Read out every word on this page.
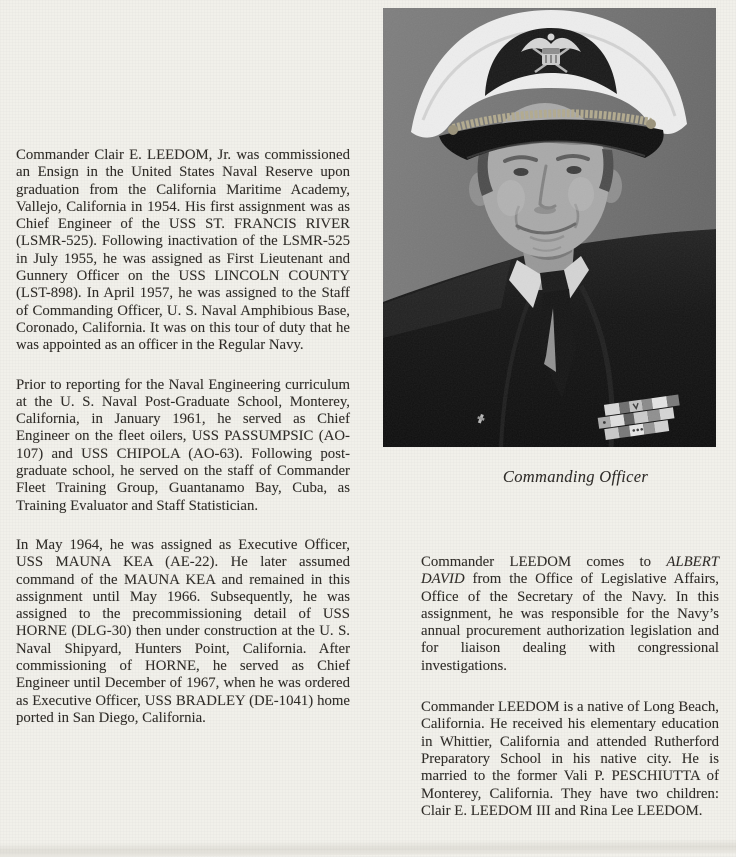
Commander Clair E. LEEDOM, Jr. was commissioned an Ensign in the United States Naval Reserve upon graduation from the California Maritime Academy, Vallejo, California in 1954. His first assignment was as Chief Engineer of the USS ST. FRANCIS RIVER (LSMR-525). Following inactivation of the LSMR-525 in July 1955, he was assigned as First Lieutenant and Gunnery Officer on the USS LINCOLN COUNTY (LST-898). In April 1957, he was assigned to the Staff of Commanding Officer, U. S. Naval Amphibious Base, Coronado, California. It was on this tour of duty that he was appointed as an officer in the Regular Navy.

Prior to reporting for the Naval Engineering curriculum at the U. S. Naval Post-Graduate School, Monterey, California, in January 1961, he served as Chief Engineer on the fleet oilers, USS PASSUMPSIC (AO-107) and USS CHIPOLA (AO-63). Following post-graduate school, he served on the staff of Commander Fleet Training Group, Guantanamo Bay, Cuba, as Training Evaluator and Staff Statistician.

In May 1964, he was assigned as Executive Officer, USS MAUNA KEA (AE-22). He later assumed command of the MAUNA KEA and remained in this assignment until May 1966. Subsequently, he was assigned to the precommissioning detail of USS HORNE (DLG-30) then under construction at the U. S. Naval Shipyard, Hunters Point, California. After commissioning of HORNE, he served as Chief Engineer until December of 1967, when he was ordered as Executive Officer, USS BRADLEY (DE-1041) home ported in San Diego, California.

Commanding Officer

Commander LEEDOM comes to ALBERT DAVID from the Office of Legislative Affairs, Office of the Secretary of the Navy. In this assignment, he was responsible for the Navy’s annual procurement authorization legislation and for liaison dealing with congressional investigations.

Commander LEEDOM is a native of Long Beach, California. He received his elementary education in Whittier, California and attended Rutherford Preparatory School in his native city. He is married to the former Vali P. PESCHIUTTA of Monterey, California. They have two children: Clair E. LEEDOM III and Rina Lee LEEDOM.
